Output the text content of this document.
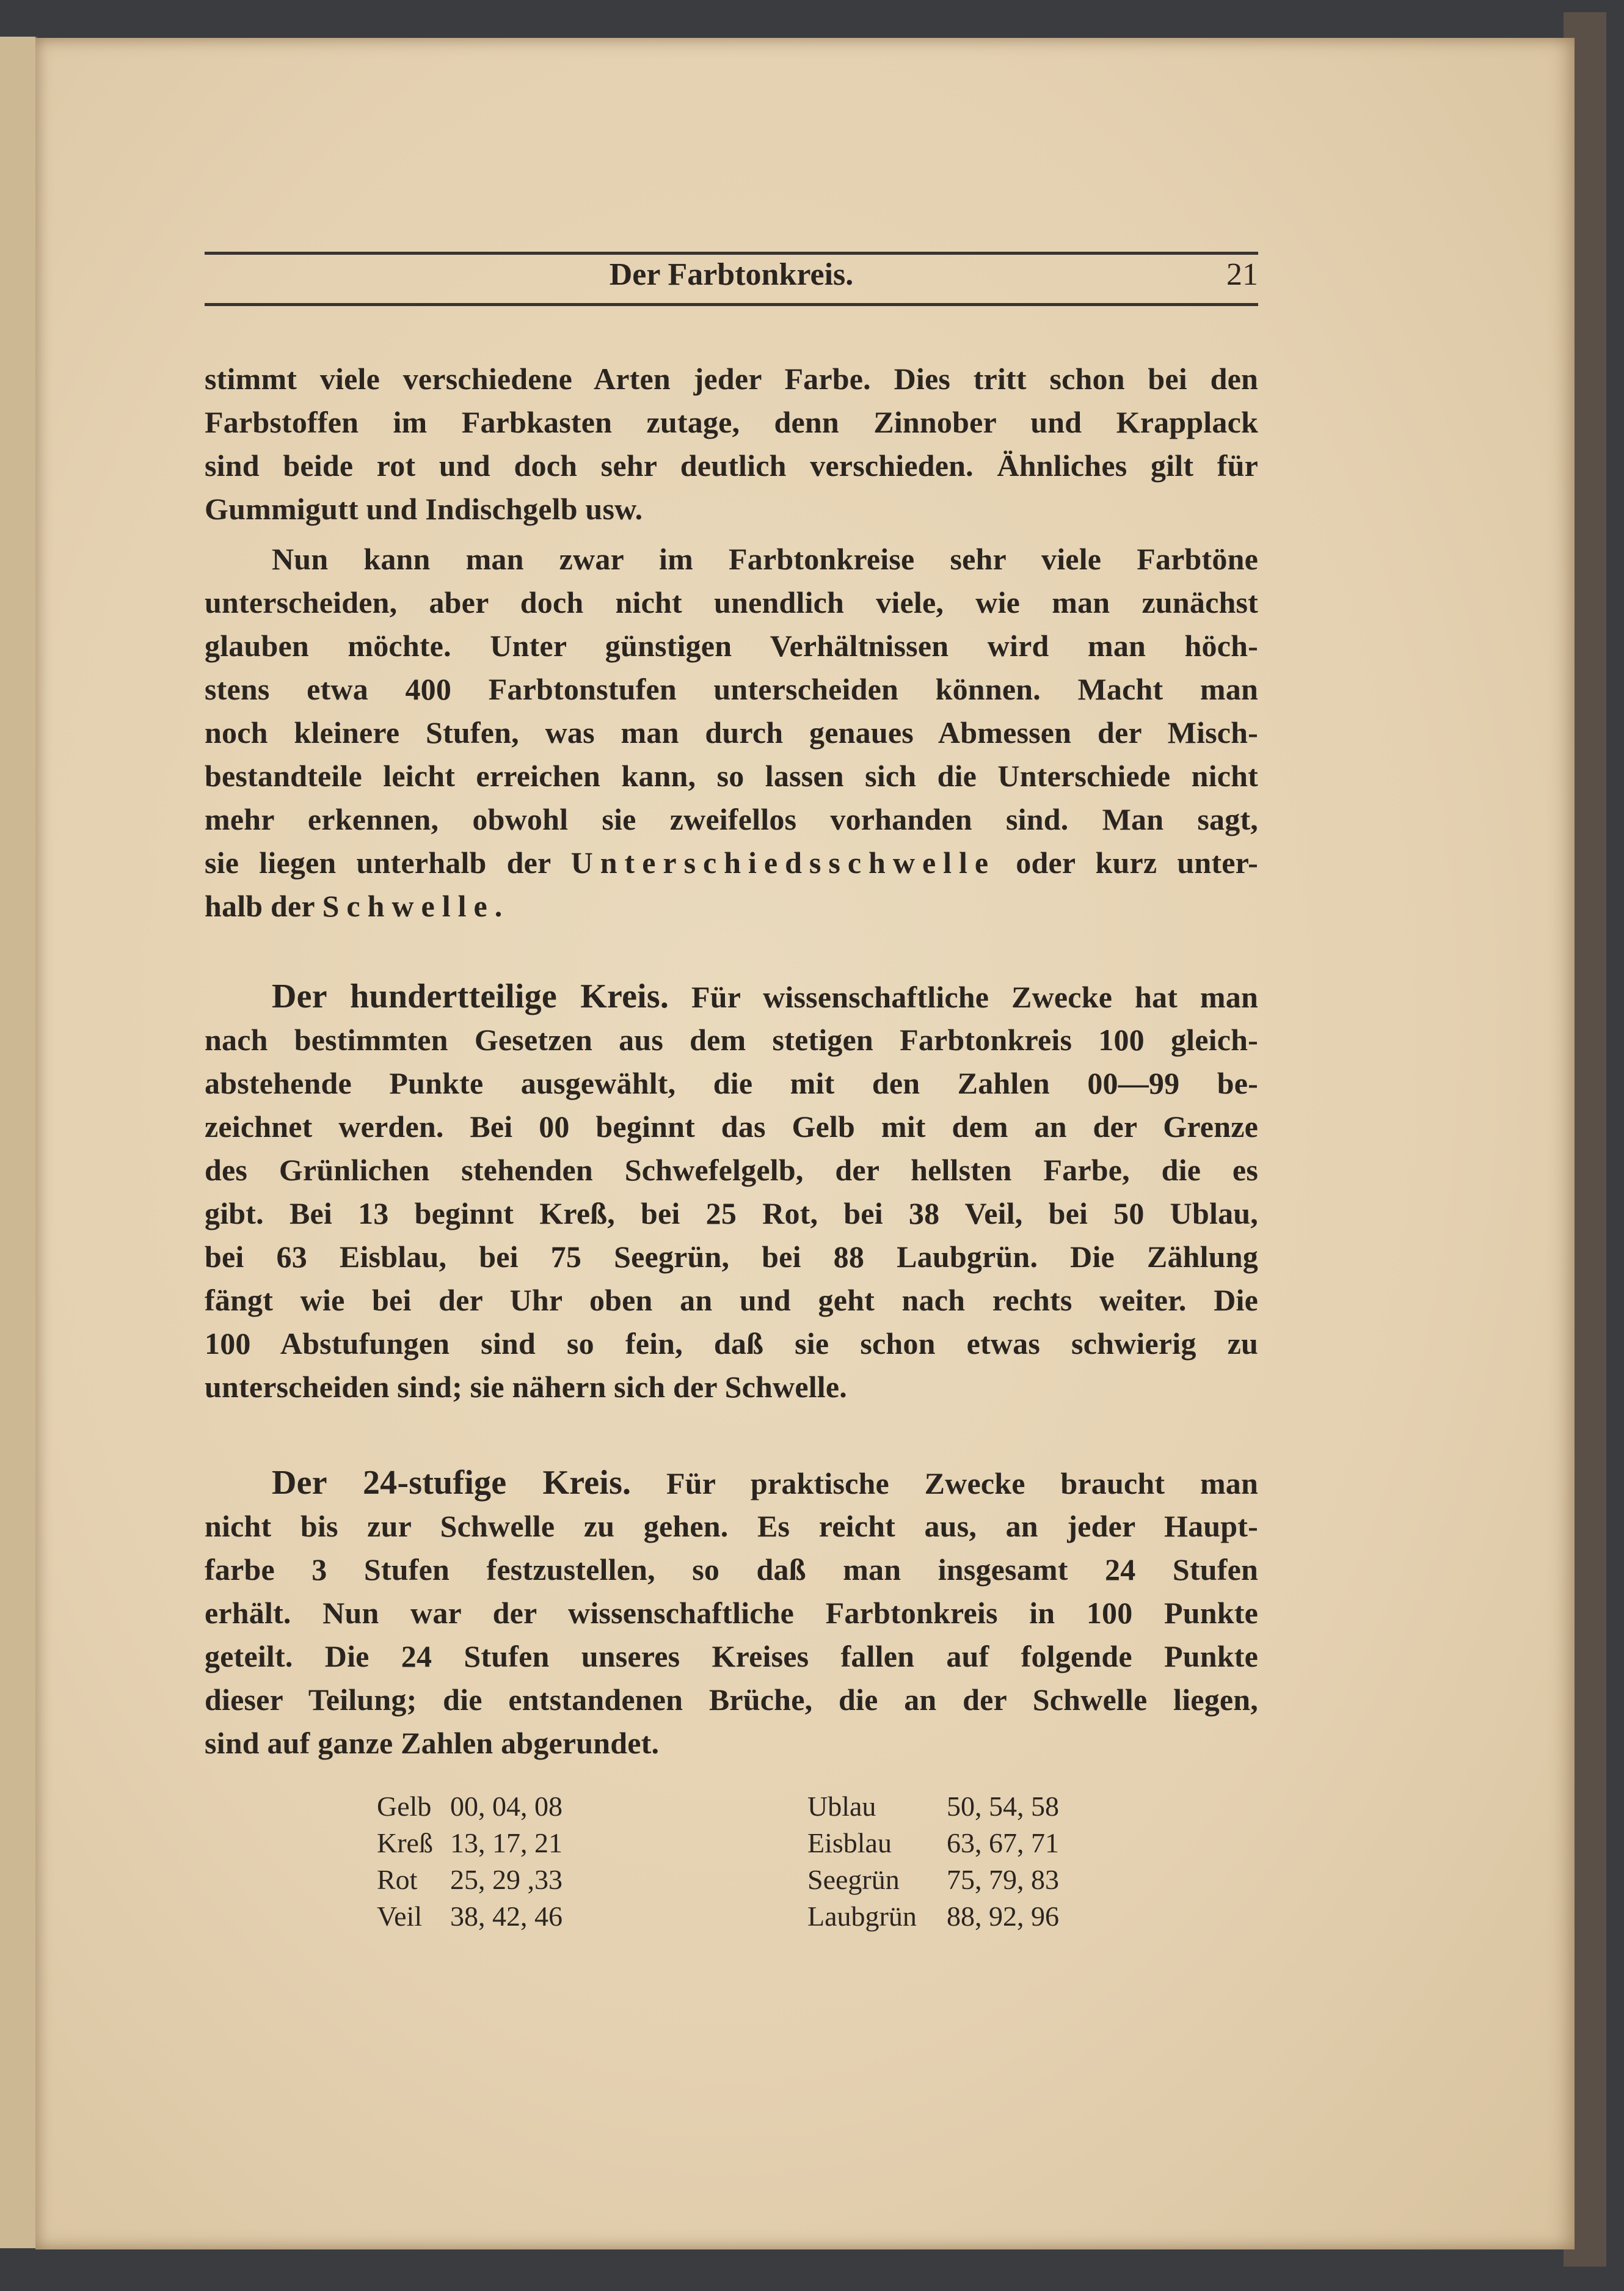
Der Farbtonkreis.	21
stimmt viele verschiedene Arten jeder Farbe. Dies tritt schon bei den
Farbstoffen im Farbkasten zutage, denn Zinnober und Krapplack
sind beide rot und doch sehr deutlich verschieden. Ähnliches gilt für
Gummigutt und Indischgelb usw.
Nun kann man zwar im Farbtonkreise sehr viele Farbtöne
unterscheiden, aber doch nicht unendlich viele, wie man zunächst
glauben möchte. Unter günstigen Verhältnissen wird man höch-
stens etwa 400 Farbtonstufen unterscheiden können. Macht man
noch kleinere Stufen, was man durch genaues Abmessen der Misch-
bestandteile leicht erreichen kann, so lassen sich die Unterschiede nicht
mehr erkennen, obwohl sie zweifellos vorhanden sind. Man sagt,
sie liegen unterhalb der Unterschiedsschwelle oder kurz unter-
halb der Schwelle.
Der hundertteilige Kreis. Für wissenschaftliche Zwecke hat man
nach bestimmten Gesetzen aus dem stetigen Farbtonkreis 100 gleich-
abstehende Punkte ausgewählt, die mit den Zahlen 00—99 be-
zeichnet werden. Bei 00 beginnt das Gelb mit dem an der Grenze
des Grünlichen stehenden Schwefelgelb, der hellsten Farbe, die es
gibt. Bei 13 beginnt Kreß, bei 25 Rot, bei 38 Veil, bei 50 Ublau,
bei 63 Eisblau, bei 75 Seegrün, bei 88 Laubgrün. Die Zählung
fängt wie bei der Uhr oben an und geht nach rechts weiter. Die
100 Abstufungen sind so fein, daß sie schon etwas schwierig zu
unterscheiden sind; sie nähern sich der Schwelle.
Der 24-stufige Kreis. Für praktische Zwecke braucht man
nicht bis zur Schwelle zu gehen. Es reicht aus, an jeder Haupt-
farbe 3 Stufen festzustellen, so daß man insgesamt 24 Stufen
erhält. Nun war der wissenschaftliche Farbtonkreis in 100 Punkte
geteilt. Die 24 Stufen unseres Kreises fallen auf folgende Punkte
dieser Teilung; die entstandenen Brüche, die an der Schwelle liegen,
sind auf ganze Zahlen abgerundet.
Gelb 00, 04, 08
Kreß 13, 17, 21
Rot 25, 29 ,33
Veil 38, 42, 46
Ublau	50, 54, 58
Eisblau 63, 67, 71
Seegrün 75, 79, 83
Laubgrün 88, 92, 96
